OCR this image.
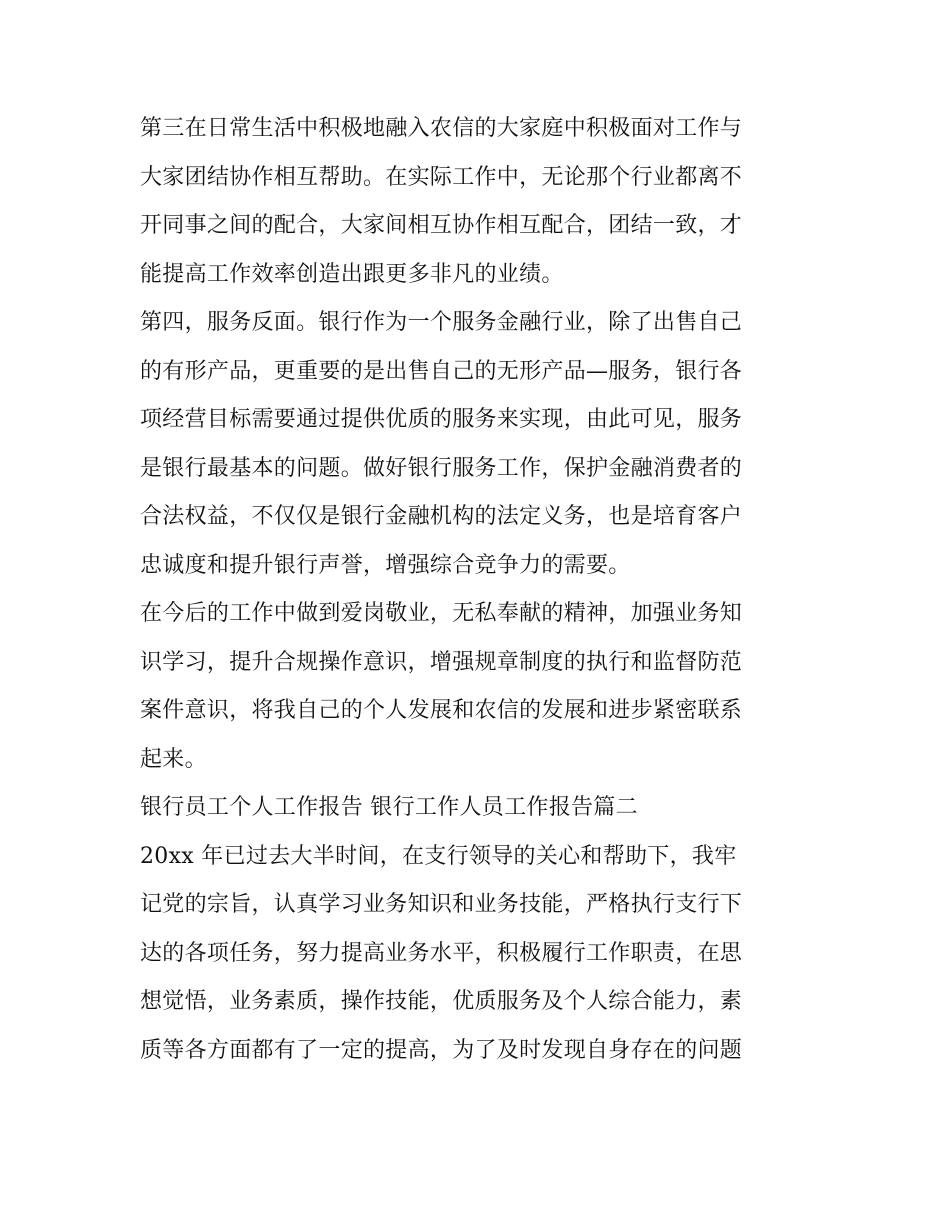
第三在日常生活中积极地融入农信的大家庭中积极面对工作与
大家团结协作相互帮助。在实际工作中，无论那个行业都离不
开同事之间的配合，大家间相互协作相互配合，团结一致，才
能提高工作效率创造出跟更多非凡的业绩。
第四，服务反面。银行作为一个服务金融行业，除了出售自己
的有形产品，更重要的是出售自己的无形产品—服务，银行各
项经营目标需要通过提供优质的服务来实现，由此可见，服务
是银行最基本的问题。做好银行服务工作，保护金融消费者的
合法权益，不仅仅是银行金融机构的法定义务，也是培育客户
忠诚度和提升银行声誉，增强综合竞争力的需要。
在今后的工作中做到爱岗敬业，无私奉献的精神，加强业务知
识学习，提升合规操作意识，增强规章制度的执行和监督防范
案件意识，将我自己的个人发展和农信的发展和进步紧密联系
起来。
银行员工个人工作报告 银行工作人员工作报告篇二
20xx 年已过去大半时间，在支行领导的关心和帮助下，我牢
记党的宗旨，认真学习业务知识和业务技能，严格执行支行下
达的各项任务，努力提高业务水平，积极履行工作职责，在思
想觉悟，业务素质，操作技能，优质服务及个人综合能力，素
质等各方面都有了一定的提高，为了及时发现自身存在的问题
